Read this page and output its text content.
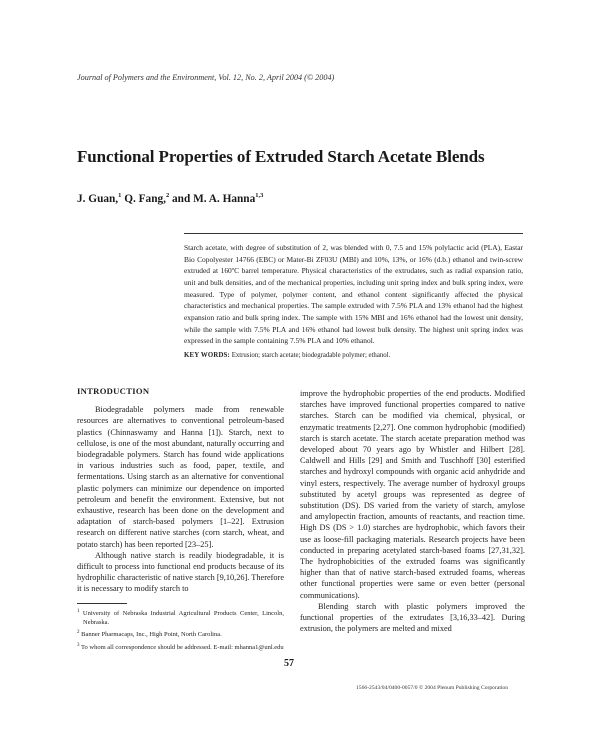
Journal of Polymers and the Environment, Vol. 12, No. 2, April 2004 (© 2004)
Functional Properties of Extruded Starch Acetate Blends
J. Guan,$^1$ Q. Fang,$^2$ and M. A. Hanna$^{1,3}$
Starch acetate, with degree of substitution of 2, was blended with 0, 7.5 and 15% polylactic acid (PLA), Eastar Bio Copolyester 14766 (EBC) or Mater-Bi ZF03U (MBI) and 10%, 13%, or 16% (d.b.) ethanol and twin-screw extruded at 160ºC barrel temperature. Physical characteristics of the extrudates, such as radial expansion ratio, unit and bulk densities, and of the mechanical properties, including unit spring index and bulk spring index, were measured. Type of polymer, polymer content, and ethanol content significantly affected the physical characteristics and mechanical properties. The sample extruded with 7.5% PLA and 13% ethanol had the highest expansion ratio and bulk spring index. The sample with 15% MBI and 16% ethanol had the lowest unit density, while the sample with 7.5% PLA and 16% ethanol had lowest bulk density. The highest unit spring index was expressed in the sample containing 7.5% PLA and 10% ethanol.
KEY WORDS: Extrusion; starch acetate; biodegradable polymer; ethanol.

INTRODUCTION

Biodegradable polymers made from renewable resources are alternatives to conventional petroleum-based plastics (Chinnaswamy and Hanna [1]). Starch, next to cellulose, is one of the most abundant, naturally occurring and biodegradable polymers. Starch has found wide applications in various industries such as food, paper, textile, and fermentations. Using starch as an alternative for conventional plastic polymers can minimize our dependence on imported petroleum and benefit the environment. Extensive, but not exhaustive, research has been done on the development and adaptation of starch-based polymers [1–22]. Extrusion research on different native starches (corn starch, wheat, and potato starch) has been reported [23–25].

Although native starch is readily biodegradable, it is difficult to process into functional end products because of its hydrophilic characteristic of native starch [9,10,26]. Therefore it is necessary to modify starch to

improve the hydrophobic properties of the end products. Modified starches have improved functional properties compared to native starches. Starch can be modified via chemical, physical, or enzymatic treatments [2,27]. One common hydrophobic (modified) starch is starch acetate. The starch acetate preparation method was developed about 70 years ago by Whistler and Hilbert [28]. Caldwell and Hills [29] and Smith and Tuschhoff [30] esterified starches and hydroxyl compounds with organic acid anhydride and vinyl esters, respectively. The average number of hydroxyl groups substituted by acetyl groups was represented as degree of substitution (DS). DS varied from the variety of starch, amylose and amylopectin fraction, amounts of reactants, and reaction time. High DS (DS > 1.0) starches are hydrophobic, which favors their use as loose-fill packaging materials. Research projects have been conducted in preparing acetylated starch-based foams [27,31,32]. The hydrophobicities of the extruded foams was significantly higher than that of native starch-based extruded foams, whereas other functional properties were same or even better (personal communications).

Blending starch with plastic polymers improved the functional properties of the extrudates [3,16,33–42]. During extrusion, the polymers are melted and mixed

$^1$ University of Nebraska Industrial Agricultural Products Center, Lincoln, Nebraska.

$^2$ Banner Pharmacaps, Inc., High Point, North Carolina.

$^3$ To whom all correspondence should be addressed. E-mail: mhanna1@unl.edu

57
1566-2543/04/0400-0057/0 © 2004 Plenum Publishing Corporation
